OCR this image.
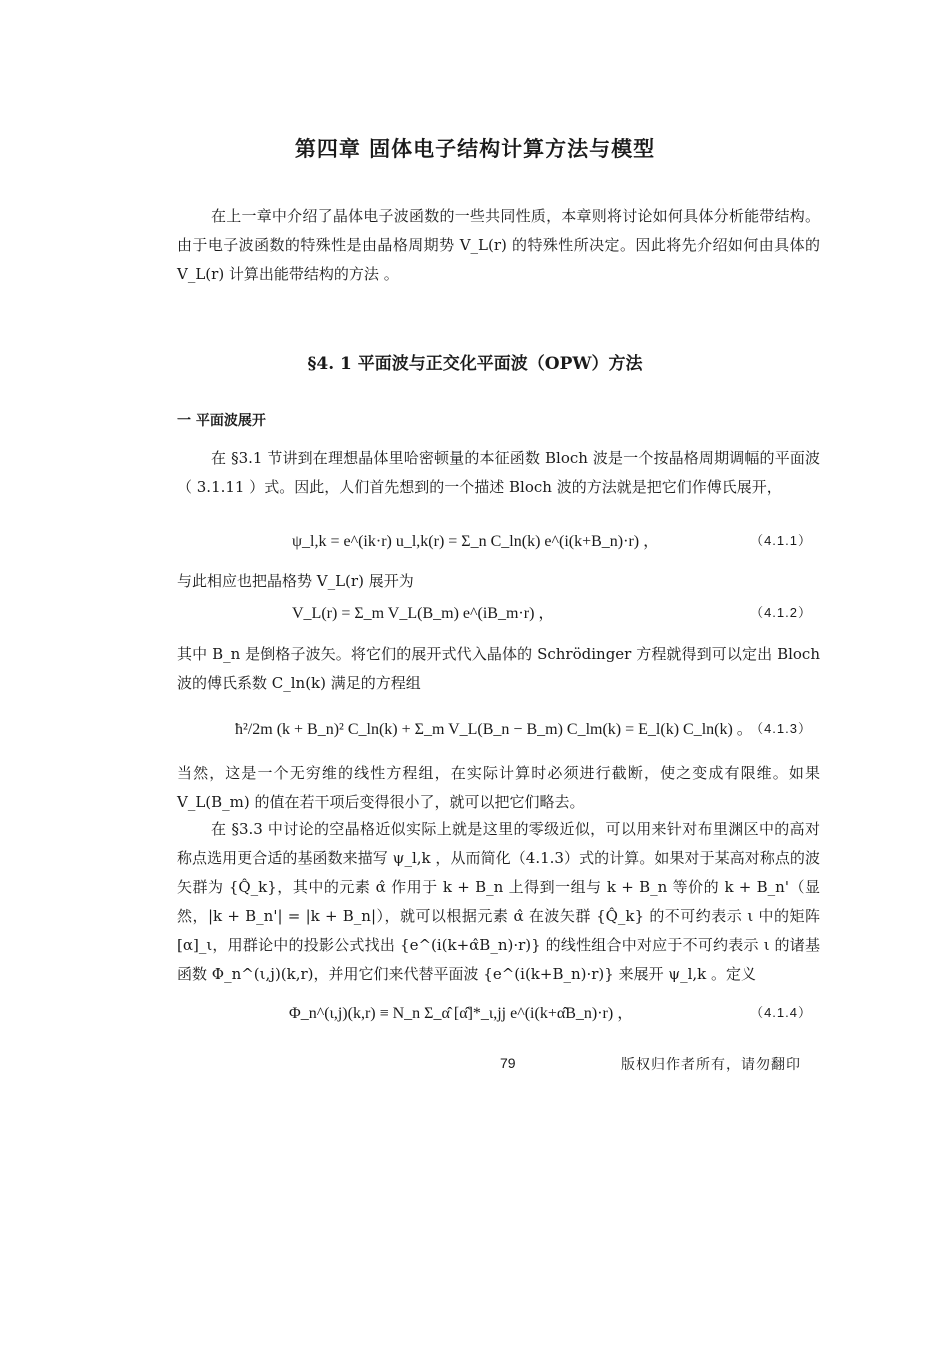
第四章 固体电子结构计算方法与模型

在上一章中介绍了晶体电子波函数的一些共同性质，本章则将讨论如何具体分析能带结构。由于电子波函数的特殊性是由晶格周期势 V_L(r) 的特殊性所决定。因此将先介绍如何由具体的 V_L(r) 计算出能带结构的方法 。

§4. 1 平面波与正交化平面波（OPW）方法
一 平面波展开

在 §3.1 节讲到在理想晶体里哈密顿量的本征函数 Bloch 波是一个按晶格周期调幅的平面波（ 3.1.11 ）式。因此，人们首先想到的一个描述 Bloch 波的方法就是把它们作傅氏展开，

ψ_l,k = e^(ik·r) u_l,k(r) = Σ_n C_ln(k) e^(i(k+B_n)·r) ，	（4.1.1）

与此相应也把晶格势 V_L(r) 展开为

V_L(r) = Σ_m V_L(B_m) e^(iB_m·r) ，	（4.1.2）

其中 B_n 是倒格子波矢。将它们的展开式代入晶体的 Schrödinger 方程就得到可以定出 Bloch 波的傅氏系数 C_ln(k) 满足的方程组

ħ²/2m (k + B_n)² C_ln(k) + Σ_m V_L(B_n − B_m) C_lm(k) = E_l(k) C_ln(k) 。
（4.1.3）

当然，这是一个无穷维的线性方程组，在实际计算时必须进行截断，使之变成有限维。如果 V_L(B_m) 的值在若干项后变得很小了，就可以把它们略去。

在 §3.3 中讨论的空晶格近似实际上就是这里的零级近似，可以用来针对布里渊区中的高对称点选用更合适的基函数来描写 ψ_l,k ，从而简化（4.1.3）式的计算。如果对于某高对称点的波矢群为 {Q̂_k}，其中的元素 α̂ 作用于 k + B_n 上得到一组与 k + B_n 等价的 k + B_n'（显然，|k + B_n'| = |k + B_n|），就可以根据元素 α̂ 在波矢群 {Q̂_k} 的不可约表示 ι 中的矩阵 [α]_ι，用群论中的投影公式找出 {e^(i(k+α̂B_n)·r)} 的线性组合中对应于不可约表示 ι 的诸基函数 Φ_n^(ι,j)(k,r)，并用它们来代替平面波 {e^(i(k+B_n)·r)} 来展开 ψ_l,k 。定义

Φ_n^(ι,j)(k,r) ≡ N_n Σ_α̂ [α̂]*_ι,jj e^(i(k+α̂B_n)·r) ，	（4.1.4）
79	版权归作者所有，请勿翻印
